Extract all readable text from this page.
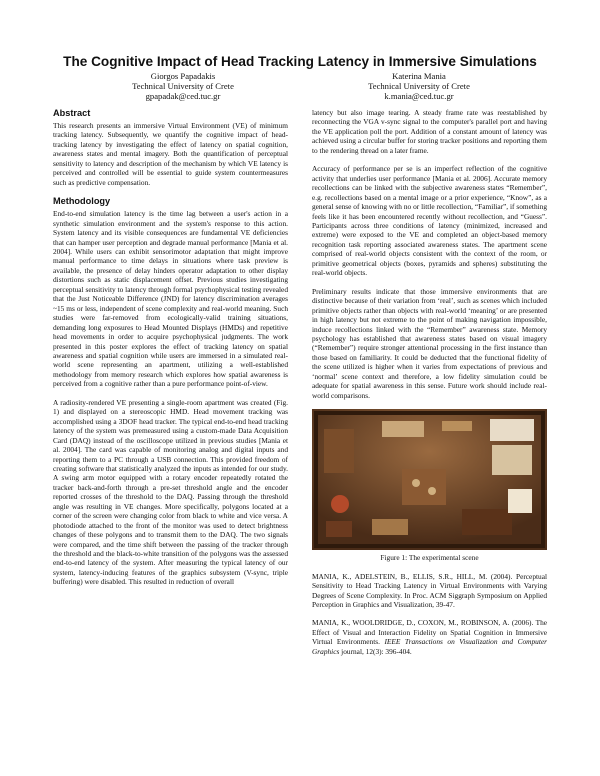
The Cognitive Impact of Head Tracking Latency in Immersive Simulations
Giorgos Papadakis
Technical University of Crete
gpapadak@ced.tuc.gr
Katerina Mania
Technical University of Crete
k.mania@ced.tuc.gr
Abstract

This research presents an immersive Virtual Environment (VE) of minimum tracking latency. Subsequently, we quantify the cognitive impact of head-tracking latency by investigating the effect of latency on spatial cognition, awareness states and mental imagery. Both the quantification of perceptual sensitivity to latency and description of the mechanism by which VE latency is perceived and controlled will be essential to guide system countermeasures such as predictive compensation.

Methodology

End-to-end simulation latency is the time lag between a user's action in a synthetic simulation environment and the system's response to this action. System latency and its visible consequences are fundamental VE deficiencies that can hamper user perception and degrade manual performance [Mania et al. 2004]. While users can exhibit sensorimotor adaptation that might improve manual performance to time delays in situations where task preview is available, the presence of delay hinders operator adaptation to other display distortions such as static displacement offset. Previous studies investigating perceptual sensitivity to latency through formal psychophysical testing revealed that the Just Noticeable Difference (JND) for latency discrimination averages ~15 ms or less, independent of scene complexity and real-world meaning. Such studies were far-removed from ecologically-valid training situations, demanding long exposures to Head Mounted Displays (HMDs) and repetitive head movements in order to acquire psychophysical judgments. The work presented in this poster explores the effect of tracking latency on spatial awareness and spatial cognition while users are immersed in a simulated real-world scene representing an apartment, utilizing a well-established methodology from memory research which explores how spatial awareness is perceived from a cognitive rather than a pure performance point-of-view.

A radiosity-rendered VE presenting a single-room apartment was created (Fig. 1) and displayed on a stereoscopic HMD. Head movement tracking was accomplished using a 3DOF head tracker. The typical end-to-end head tracking latency of the system was premeasured using a custom-made Data Acquisition Card (DAQ) instead of the oscilloscope utilized in previous studies [Mania et al. 2004]. The card was capable of monitoring analog and digital inputs and reporting them to a PC through a USB connection. This provided freedom of creating software that statistically analyzed the inputs as intended for our study. A swing arm motor equipped with a rotary encoder repeatedly rotated the tracker back-and-forth through a pre-set threshold angle and the encoder reported crosses of the threshold to the DAQ. Passing through the threshold angle was resulting in VE changes. More specifically, polygons located at a corner of the screen were changing color from black to white and vice versa. A photodiode attached to the front of the monitor was used to detect brightness changes of these polygons and to transmit them to the DAQ. The two signals were compared, and the time shift between the passing of the tracker through the threshold and the black-to-white transition of the polygons was the assessed end-to-end latency of the system. After measuring the typical latency of our system, latency-inducing features of the graphics subsystem (V-sync, triple buffering) were disabled. This resulted in reduction of overall

latency but also image tearing. A steady frame rate was reestablished by reconnecting the VGA v-sync signal to the computer's parallel port and having the VE application poll the port. Addition of a constant amount of latency was achieved using a circular buffer for storing tracker positions and reporting them to the rendering thread on a later frame.

Accuracy of performance per se is an imperfect reflection of the cognitive activity that underlies user performance [Mania et al. 2006]. Accurate memory recollections can be linked with the subjective awareness states “Remember”, e.g. recollections based on a mental image or a prior experience, “Know”, as a general sense of knowing with no or little recollection, “Familiar”, if something feels like it has been encountered recently without recollection, and “Guess”. Participants across three conditions of latency (minimized, increased and extreme) were exposed to the VE and completed an object-based memory recognition task reporting associated awareness states. The apartment scene comprised of real-world objects consistent with the context of the room, or primitive geometrical objects (boxes, pyramids and spheres) substituting the real-world objects.

Preliminary results indicate that those immersive environments that are distinctive because of their variation from ‘real’, such as scenes which included primitive objects rather than objects with real-world ‘meaning’ or are presented in high latency but not extreme to the point of making navigation impossible, induce recollections linked with the “Remember” awareness state. Memory psychology has established that awareness states based on visual imagery (“Remember”) require stronger attentional processing in the first instance than those based on familiarity. It could be deducted that the functional fidelity of the scene utilized is higher when it varies from expectations of previous and ‘normal’ scene context and therefore, a low fidelity simulation could be adequate for spatial awareness in this sense. Future work should include real-world comparisons.

Figure 1: The experimental scene

MANIA, K., ADELSTEIN, B., ELLIS, S.R., HILL, M. (2004). Perceptual Sensitivity to Head Tracking Latency in Virtual Environments with Varying Degrees of Scene Complexity. In Proc. ACM Siggraph Symposium on Applied Perception in Graphics and Visualization, 39-47.

MANIA, K., WOOLDRIDGE, D., COXON, M., ROBINSON, A. (2006). The Effect of Visual and Interaction Fidelity on Spatial Cognition in Immersive Virtual Environments. IEEE Transactions on Visualization and Computer Graphics journal, 12(3): 396-404.
